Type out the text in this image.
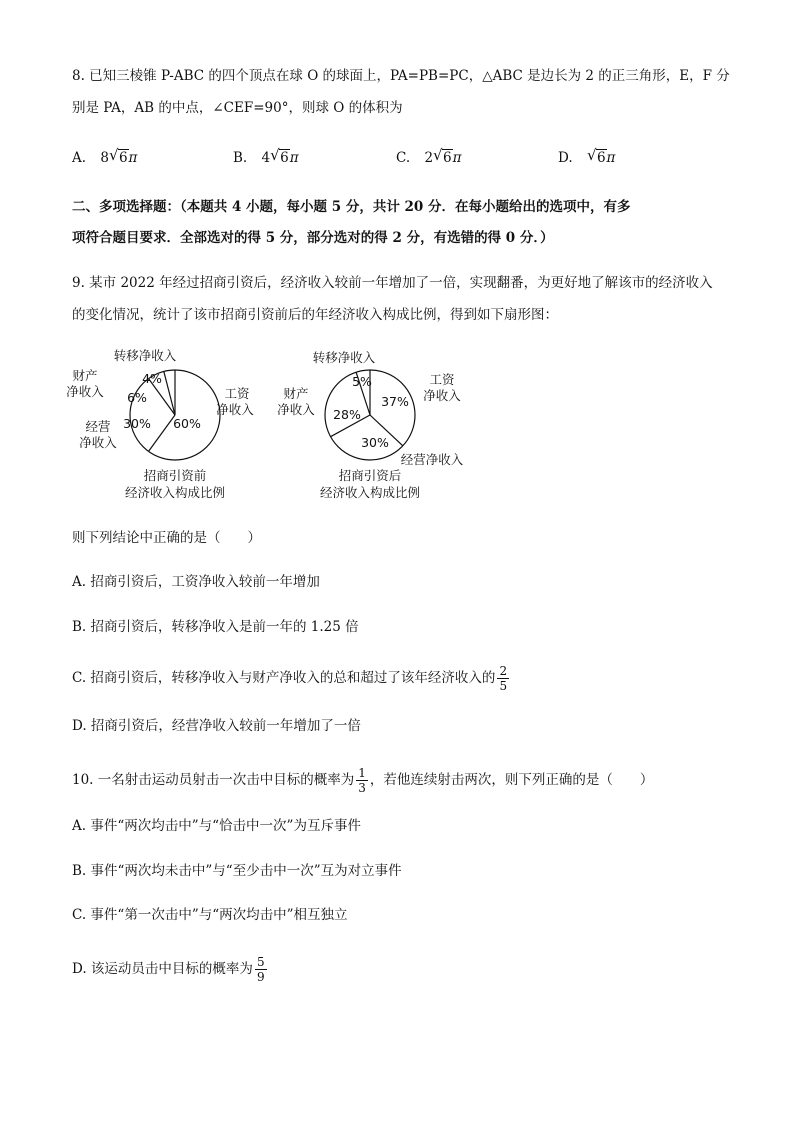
8. 已知三棱锥 P-ABC 的四个顶点在球 O 的球面上，PA=PB=PC，△ABC 是边长为 2 的正三角形，E，F 分
别是 PA，AB 的中点，∠CEF=90°，则球 O 的体积为
A. 8 √ 6π	B. 4 √ 6π	C. 2 √ 6π	D. √ 6π
二、多项选择题：（本题共 4 小题，每小题 5 分，共计 20 分．在每小题给出的选项中，有多
项符合题目要求．全部选对的得 5 分，部分选对的得 2 分，有选错的得 0 分．）
9. 某市 2022 年经过招商引资后，经济收入较前一年增加了一倍，实现翻番，为更好地了解该市的经济收入
的变化情况，统计了该市招商引资前后的年经济收入构成比例，得到如下扇形图：
60%
工资
净收入
30%
经营
净收入
6%
财产
净收入
4%
转移净收入
招商引资前
经济收入构成比例
37%
工资
净收入
30%
经营净收入
28%
财产
净收入
5%
转移净收入
招商引资后
经济收入构成比例
则下列结论中正确的是（　　）
A. 招商引资后，工资净收入较前一年增加
B. 招商引资后，转移净收入是前一年的 1.25 倍
C. 招商引资后，转移净收入与财产净收入的总和超过了该年经济收入的 $\frac{2}{5}$
D. 招商引资后，经营净收入较前一年增加了一倍
10. 一名射击运动员射击一次击中目标的概率为 $\frac{1}{3}$ ，若他连续射击两次，则下列正确的是（　　）
A. 事件“两次均击中”与“恰击中一次”为互斥事件
B. 事件“两次均未击中”与“至少击中一次”互为对立事件
C. 事件“第一次击中”与“两次均击中”相互独立
D. 该运动员击中目标的概率为 $\frac{5}{9}$
